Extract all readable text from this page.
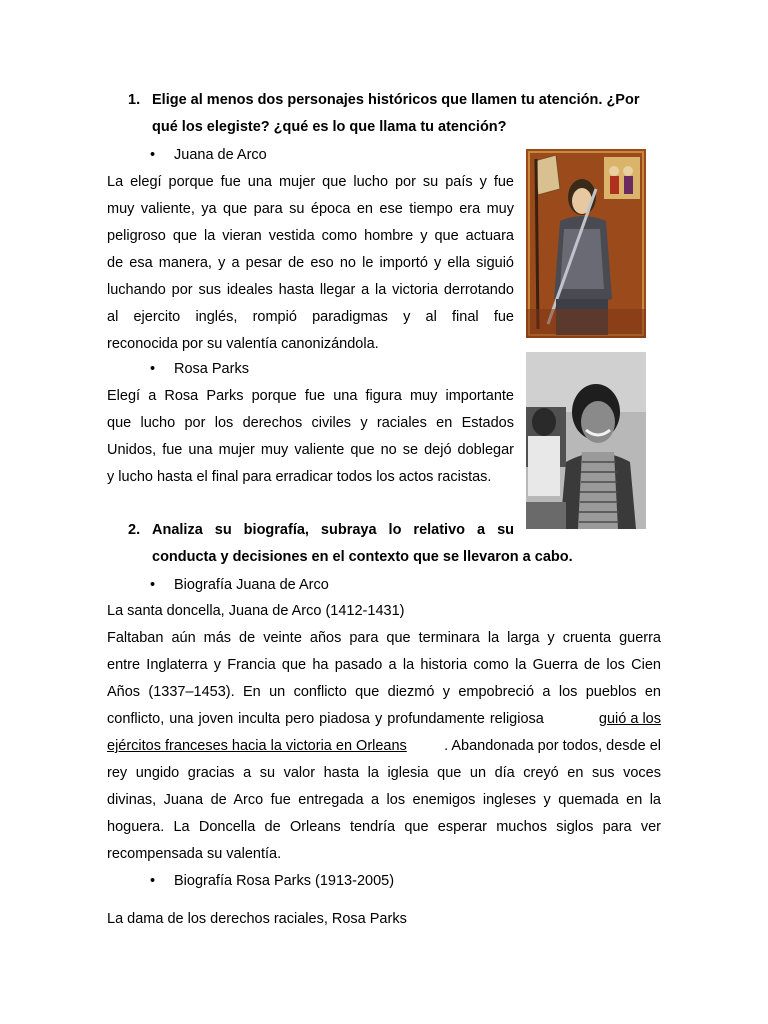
1. Elige al menos dos personajes históricos que llamen tu atención. ¿Por
qué los elegiste? ¿qué es lo que llama tu atención?
• Juana de Arco
La elegí porque fue una mujer que lucho por su país y fue
muy valiente, ya que para su época en ese tiempo era muy
peligroso que la vieran vestida como hombre y que actuara
de esa manera, y a pesar de eso no le importó y ella siguió
luchando por sus ideales hasta llegar a la victoria derrotando
al ejercito inglés, rompió paradigmas y al final fue
reconocida por su valentía canonizándola.
• Rosa Parks
Elegí a Rosa Parks porque fue una figura muy importante
que lucho por los derechos civiles y raciales en Estados
Unidos, fue una mujer muy valiente que no se dejó doblegar
y lucho hasta el final para erradicar todos los actos racistas.
2. Analiza su biografía, subraya lo relativo a su
conducta y decisiones en el contexto que se llevaron a cabo.
• Biografía Juana de Arco
La santa doncella, Juana de Arco (1412-1431)
Faltaban aún más de veinte años para que terminara la larga y cruenta guerra
entre Inglaterra y Francia que ha pasado a la historia como la Guerra de los Cien
Años (1337–1453). En un conflicto que diezmó y empobreció a los pueblos en
conflicto, una joven inculta pero piadosa y profundamente religiosa	guió a los
ejércitos franceses hacia la victoria en Orleans	. Abandonada por todos, desde el
rey ungido gracias a su valor hasta la iglesia que un día creyó en sus voces
divinas, Juana de Arco fue entregada a los enemigos ingleses y quemada en la
hoguera. La Doncella de Orleans tendría que esperar muchos siglos para ver
recompensada su valentía.
• Biografía Rosa Parks (1913-2005)
La dama de los derechos raciales, Rosa Parks
